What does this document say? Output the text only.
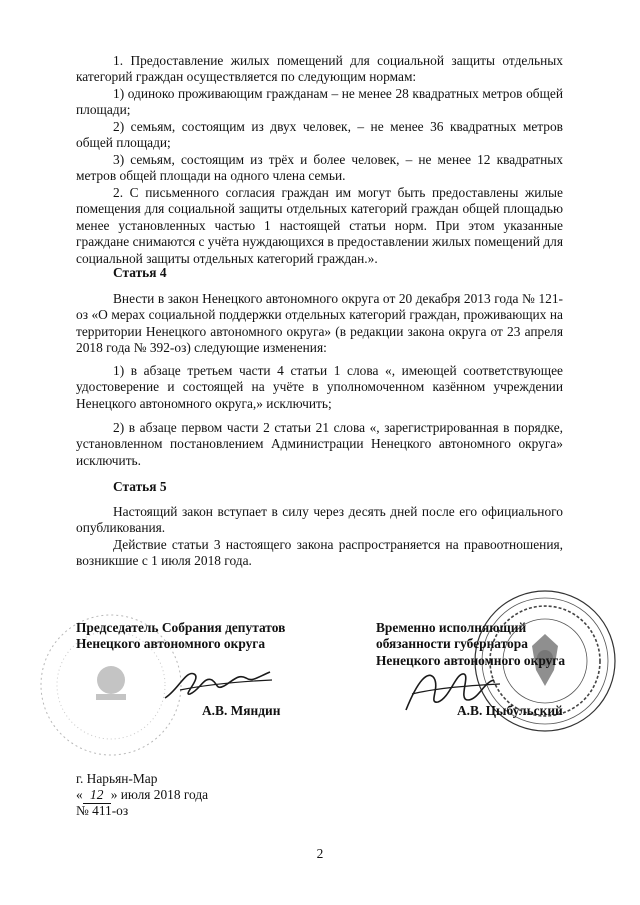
1. Предоставление жилых помещений для социальной защиты отдельных категорий граждан осуществляется по следующим нормам:

1) одиноко проживающим гражданам – не менее 28 квадратных метров общей площади;

2) семьям, состоящим из двух человек, – не менее 36 квадратных метров общей площади;

3) семьям, состоящим из трёх и более человек, – не менее 12 квадратных метров общей площади на одного члена семьи.

2. С письменного согласия граждан им могут быть предоставлены жилые помещения для социальной защиты отдельных категорий граждан общей площадью менее установленных частью 1 настоящей статьи норм. При этом указанные граждане снимаются с учёта нуждающихся в предоставлении жилых помещений для социальной защиты отдельных категорий граждан.».

Статья 4

Внести в закон Ненецкого автономного округа от 20 декабря 2013 года № 121-оз «О мерах социальной поддержки отдельных категорий граждан, проживающих на территории Ненецкого автономного округа» (в редакции закона округа от 23 апреля 2018 года № 392-оз) следующие изменения:

1) в абзаце третьем части 4 статьи 1 слова «, имеющей соответствующее удостоверение и состоящей на учёте в уполномоченном казённом учреждении Ненецкого автономного округа,» исключить;

2) в абзаце первом части 2 статьи 21 слова «, зарегистрированная в порядке, установленном постановлением Администрации Ненецкого автономного округа» исключить.

Статья 5

Настоящий закон вступает в силу через десять дней после его официального опубликования.

Действие статьи 3 настоящего закона распространяется на правоотношения, возникшие с 1 июля 2018 года.

Председатель Собрания депутатов
Ненецкого автономного округа
А.В. Мяндин
Временно исполняющий
обязанности губернатора
Ненецкого автономного округа
А.В. Цыбульский
г. Нарьян-Мар
« 12 » июля 2018 года
№ 411-оз
2
